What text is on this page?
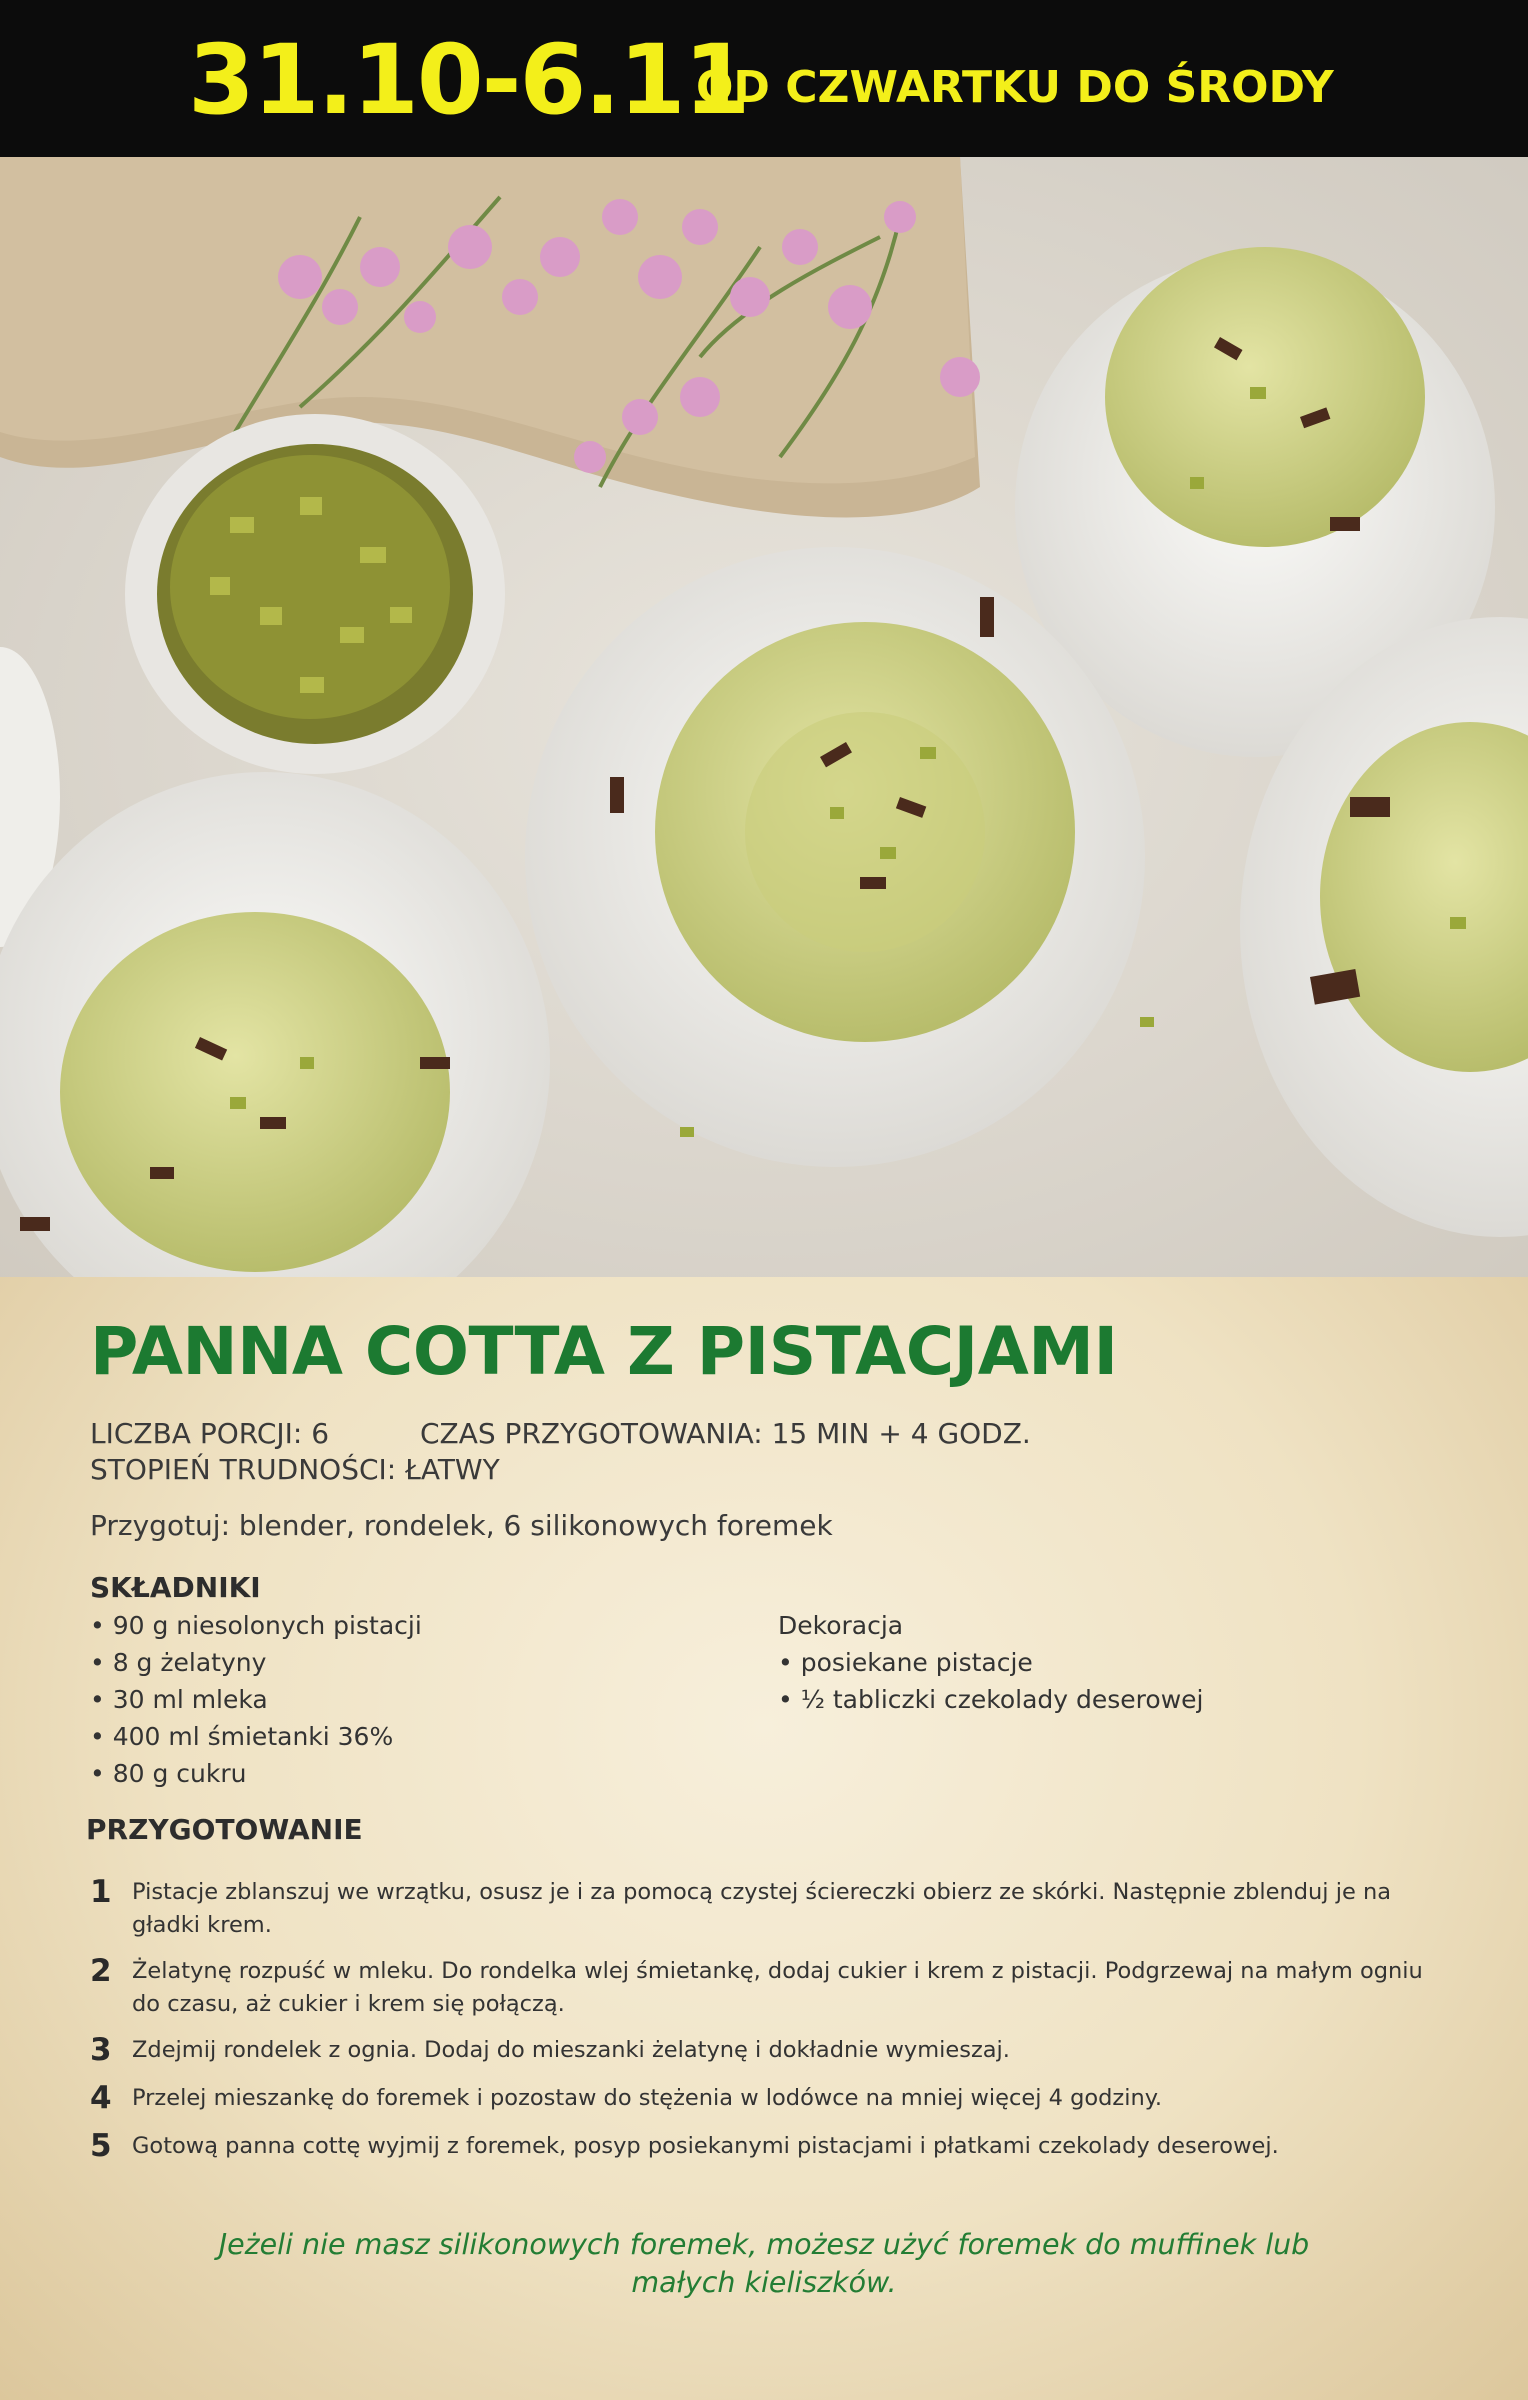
31.10-6.11
OD CZWARTKU DO ŚRODY
PANNA COTTA Z PISTACJAMI
LICZBA PORCJI: 6	CZAS PRZYGOTOWANIA: 15 MIN + 4 GODZ.
STOPIEŃ TRUDNOŚCI: ŁATWY
Przygotuj: blender, rondelek, 6 silikonowych foremek
SKŁADNIKI
• 90 g niesolonych pistacji
• 8 g żelatyny
• 30 ml mleka
• 400 ml śmietanki 36%
• 80 g cukru
Dekoracja
• posiekane pistacje
• ½ tabliczki czekolady deserowej
PRZYGOTOWANIE
1 Pistacje zblanszuj we wrzątku, osusz je i za pomocą czystej ściereczki obierz ze skórki. Następnie zblenduj je na gładki krem.
2 Żelatynę rozpuść w mleku. Do rondelka wlej śmietankę, dodaj cukier i krem z pistacji. Podgrzewaj na małym ogniu do czasu, aż cukier i krem się połączą.
3 Zdejmij rondelek z ognia. Dodaj do mieszanki żelatynę i dokładnie wymieszaj.
4 Przelej mieszankę do foremek i pozostaw do stężenia w lodówce na mniej więcej 4 godziny.
5 Gotową panna cottę wyjmij z foremek, posyp posiekanymi pistacjami i płatkami czekolady deserowej.
Jeżeli nie masz silikonowych foremek, możesz użyć foremek do muffinek lub małych kieliszków.
